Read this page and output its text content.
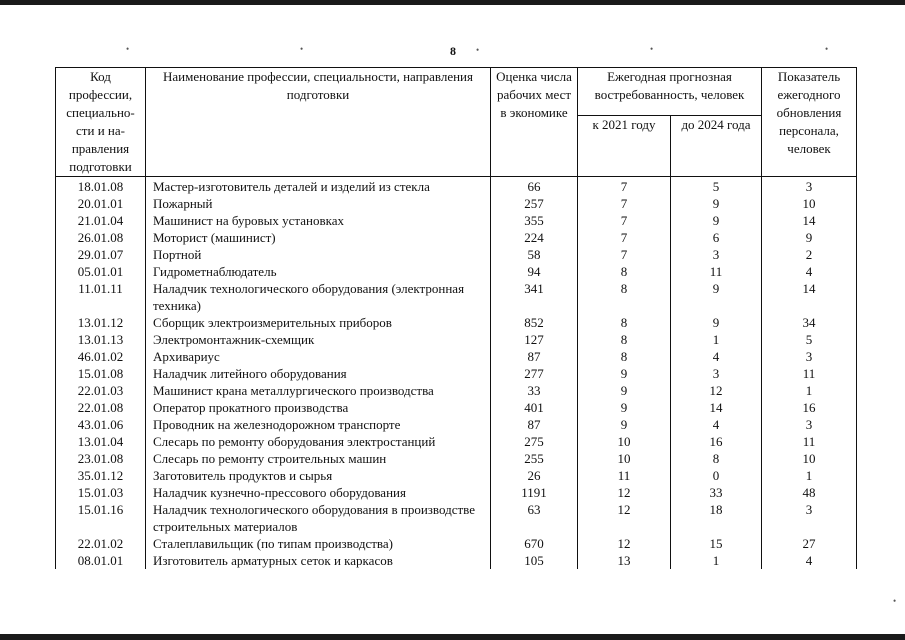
•	•	•	•	•
•
8
Код профессии, специально-сти и на-правления подготовки	Наименование профессии, специальности, направления подготовки	Оценка числа рабочих мест в экономике	Ежегодная прогнозная востребованность, человек		Показатель ежегодного обновления персонала, человек
			к 2021 году	до 2024 года	
18.01.08	Мастер-изготовитель деталей и изделий из стекла	66	7	5	3
20.01.01	Пожарный	257	7	9	10
21.01.04	Машинист на буровых установках	355	7	9	14
26.01.08	Моторист (машинист)	224	7	6	9
29.01.07	Портной	58	7	3	2
05.01.01	Гидрометнаблюдатель	94	8	11	4
11.01.11	Наладчик технологического оборудования (электронная техника)	341	8	9	14
13.01.12	Сборщик электроизмерительных приборов	852	8	9	34
13.01.13	Электромонтажник-схемщик	127	8	1	5
46.01.02	Архивариус	87	8	4	3
15.01.08	Наладчик литейного оборудования	277	9	3	11
22.01.03	Машинист крана металлургического производства	33	9	12	1
22.01.08	Оператор прокатного производства	401	9	14	16
43.01.06	Проводник на железнодорожном транспорте	87	9	4	3
13.01.04	Слесарь по ремонту оборудования электростанций	275	10	16	11
23.01.08	Слесарь по ремонту строительных машин	255	10	8	10
35.01.12	Заготовитель продуктов и сырья	26	11	0	1
15.01.03	Наладчик кузнечно-прессового оборудования	1191	12	33	48
15.01.16	Наладчик технологического оборудования в производстве строительных материалов	63	12	18	3
22.01.02	Сталеплавильщик (по типам производства)	670	12	15	27
08.01.01	Изготовитель арматурных сеток и каркасов	105	13	1	4
